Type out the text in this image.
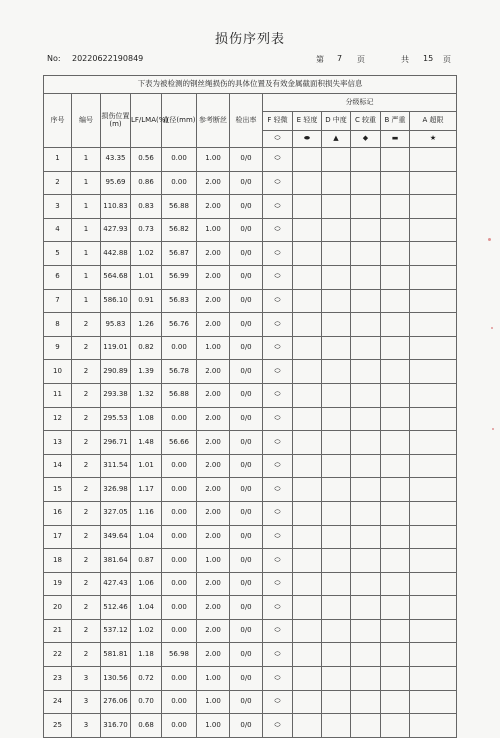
损伤序列表
No: 20220622190849	第 7 页	共 15 页
下表为被检测的钢丝绳损伤的具体位置及有效金属截面积损失率信息												
序号	编号	损伤位置(m)	LF/LMA(%)	直径(mm)	参考断丝	检出率	分级标记					
							F 轻微	E 轻度	D 中度	C 较重	B 严重	A 超限
							⬭	⬬	▲	◆	▬	★
1	1	43.35	0.56	0.00	1.00	0/0	⬭					
2	1	95.69	0.86	0.00	2.00	0/0	⬭					
3	1	110.83	0.83	56.88	2.00	0/0	⬭					
4	1	427.93	0.73	56.82	1.00	0/0	⬭					
5	1	442.88	1.02	56.87	2.00	0/0	⬭					
6	1	564.68	1.01	56.99	2.00	0/0	⬭					
7	1	586.10	0.91	56.83	2.00	0/0	⬭					
8	2	95.83	1.26	56.76	2.00	0/0	⬭					
9	2	119.01	0.82	0.00	1.00	0/0	⬭					
10	2	290.89	1.39	56.78	2.00	0/0	⬭					
11	2	293.38	1.32	56.88	2.00	0/0	⬭					
12	2	295.53	1.08	0.00	2.00	0/0	⬭					
13	2	296.71	1.48	56.66	2.00	0/0	⬭					
14	2	311.54	1.01	0.00	2.00	0/0	⬭					
15	2	326.98	1.17	0.00	2.00	0/0	⬭					
16	2	327.05	1.16	0.00	2.00	0/0	⬭					
17	2	349.64	1.04	0.00	2.00	0/0	⬭					
18	2	381.64	0.87	0.00	1.00	0/0	⬭					
19	2	427.43	1.06	0.00	2.00	0/0	⬭					
20	2	512.46	1.04	0.00	2.00	0/0	⬭					
21	2	537.12	1.02	0.00	2.00	0/0	⬭					
22	2	581.81	1.18	56.98	2.00	0/0	⬭					
23	3	130.56	0.72	0.00	1.00	0/0	⬭					
24	3	276.06	0.70	0.00	1.00	0/0	⬭					
25	3	316.70	0.68	0.00	1.00	0/0	⬭					
